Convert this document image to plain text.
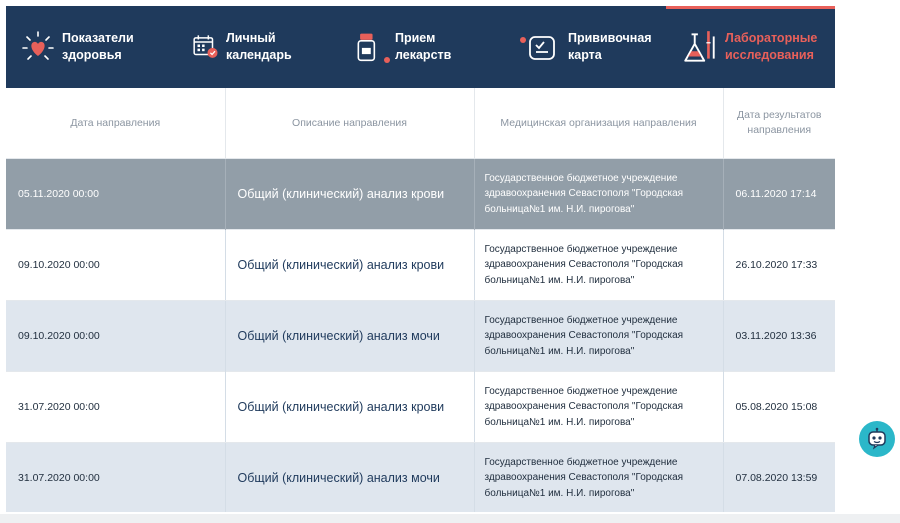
Показатели
здоровья
Личный
календарь
Прием
лекарств
Прививочная
карта
Лабораторные
исследования
Дата направления	Описание направления	Медицинская организация направления	Дата результатов направления
05.11.2020 00:00	Общий (клинический) анализ крови	Государственное бюджетное учреждение здравоохранения Севастополя "Городская больница№1 им. Н.И. пирогова"	06.11.2020 17:14
09.10.2020 00:00	Общий (клинический) анализ крови	Государственное бюджетное учреждение здравоохранения Севастополя "Городская больница№1 им. Н.И. пирогова"	26.10.2020 17:33
09.10.2020 00:00	Общий (клинический) анализ мочи	Государственное бюджетное учреждение здравоохранения Севастополя "Городская больница№1 им. Н.И. пирогова"	03.11.2020 13:36
31.07.2020 00:00	Общий (клинический) анализ крови	Государственное бюджетное учреждение здравоохранения Севастополя "Городская больница№1 им. Н.И. пирогова"	05.08.2020 15:08
31.07.2020 00:00	Общий (клинический) анализ мочи	Государственное бюджетное учреждение здравоохранения Севастополя "Городская больница№1 им. Н.И. пирогова"	07.08.2020 13:59
